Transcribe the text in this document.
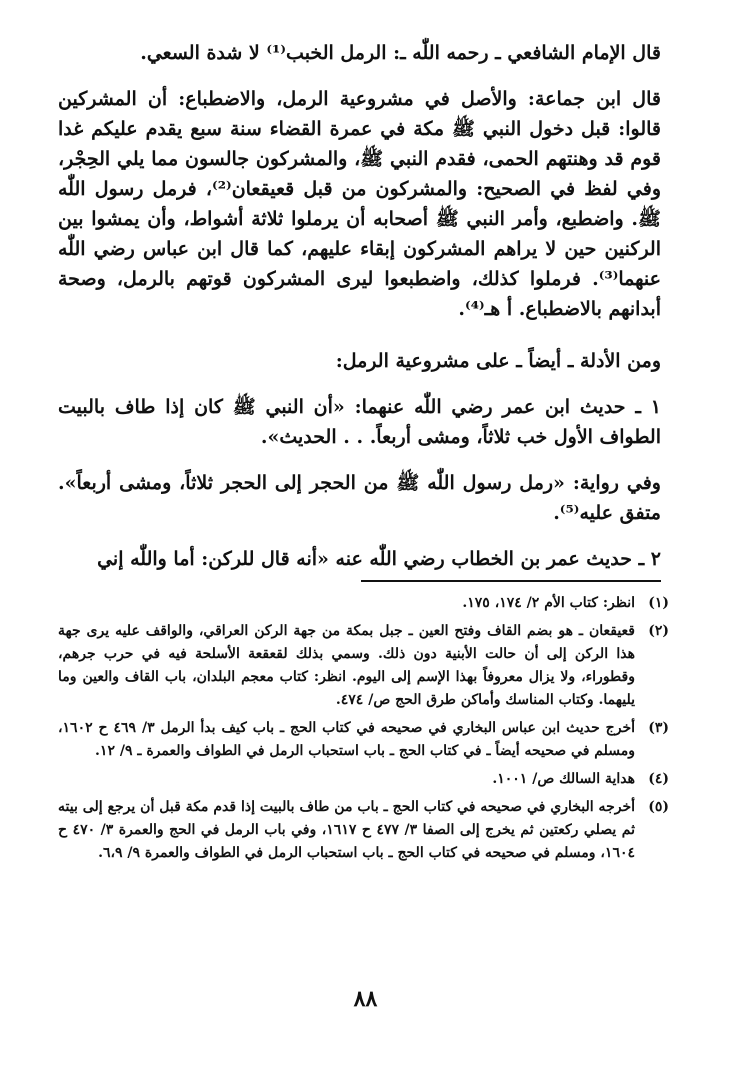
قال الإمام الشافعي ـ رحمه اللّٰه ـ: الرمل الخبب⁽¹⁾ لا شدة السعي.

قال ابن جماعة: والأصل في مشروعية الرمل، والاضطباع: أن المشركين قالوا: قبل دخول النبي ﷺ مكة في عمرة القضاء سنة سبع يقدم عليكم غدا قوم قد وهنتهم الحمى، فقدم النبي ﷺ، والمشركون جالسون مما يلي الحِجْر، وفي لفظ في الصحيح: والمشركون من قبل قعيقعان⁽²⁾، فرمل رسول اللّٰه ﷺ. واضطبع، وأمر النبي ﷺ أصحابه أن يرملوا ثلاثة أشواط، وأن يمشوا بين الركنين حين لا يراهم المشركون إبقاء عليهم، كما قال ابن عباس رضي اللّٰه عنهما⁽³⁾. فرملوا كذلك، واضطبعوا ليرى المشركون قوتهم بالرمل، وصحة أبدانهم بالاضطباع. أ هـ⁽⁴⁾.

ومن الأدلة ـ أيضاً ـ على مشروعية الرمل:

١ ـ حديث ابن عمر رضي اللّٰه عنهما: «أن النبي ﷺ كان إذا طاف بالبيت الطواف الأول خب ثلاثاً، ومشى أربعاً. . . الحديث».

وفي رواية: «رمل رسول اللّٰه ﷺ من الحجر إلى الحجر ثلاثاً، ومشى أربعاً». متفق عليه⁽⁵⁾.

٢ ـ حديث عمر بن الخطاب رضي اللّٰه عنه «أنه قال للركن: أما واللّٰه إني

(١)
انظر: كتاب الأم ٢/ ١٧٤، ١٧٥.
(٢)
قعيقعان ـ هو بضم القاف وفتح العين ـ جبل بمكة من جهة الركن العراقي، والواقف عليه يرى جهة هذا الركن إلى أن حالت الأبنية دون ذلك. وسمي بذلك لقعقعة الأسلحة فيه في حرب جرهم، وقطوراء، ولا يزال معروفاً بهذا الإسم إلى اليوم. انظر: كتاب معجم البلدان، باب القاف والعين وما يليهما. وكتاب المناسك وأماكن طرق الحج ص/ ٤٧٤.
(٣)
أخرج حديث ابن عباس البخاري في صحيحه في كتاب الحج ـ باب كيف بدأ الرمل ٣/ ٤٦٩ ح ١٦٠٢، ومسلم في صحيحه أيضاً ـ في كتاب الحج ـ باب استحباب الرمل في الطواف والعمرة ـ ٩/ ١٢.
(٤)
هداية السالك ص/ ١٠٠١.
(٥)
أخرجه البخاري في صحيحه في كتاب الحج ـ باب من طاف بالبيت إذا قدم مكة قبل أن يرجع إلى بيته ثم يصلي ركعتين ثم يخرج إلى الصفا ٣/ ٤٧٧ ح ١٦١٧، وفي باب الرمل في الحج والعمرة ٣/ ٤٧٠ ح ١٦٠٤، ومسلم في صحيحه في كتاب الحج ـ باب استحباب الرمل في الطواف والعمرة ٩/ ٦،٩.
٨٨
